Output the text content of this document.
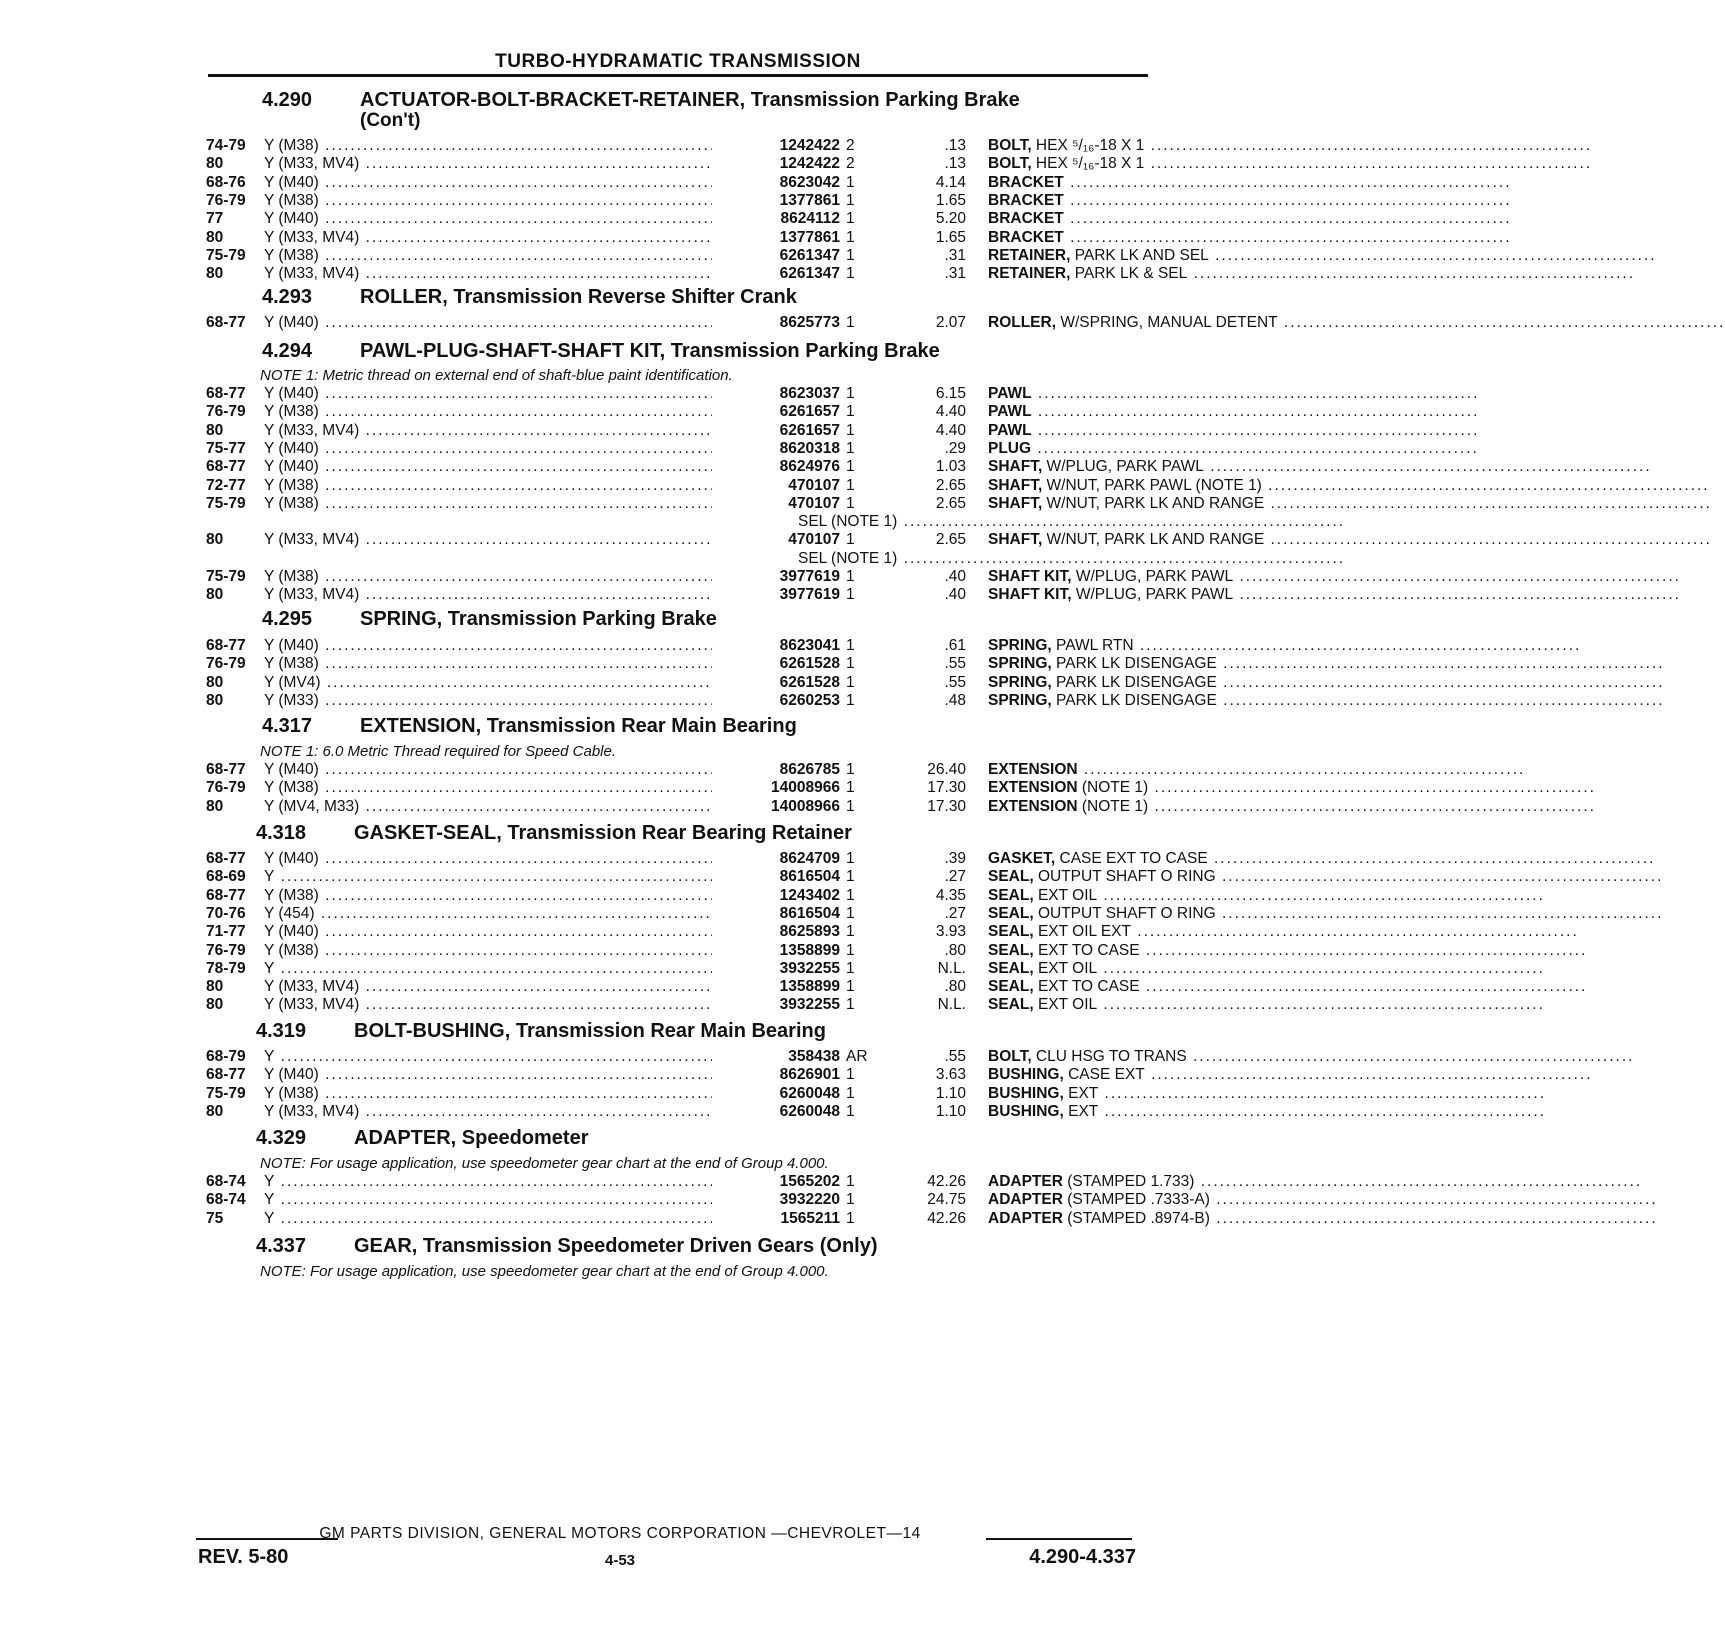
TURBO-HYDRAMATIC TRANSMISSION
4.290 ACTUATOR-BOLT-BRACKET-RETAINER, Transmission Parking Brake
(Con't)
74-79	Y (M38) .....	1242422 2	.13 BOLT, HEX ⁵/₁₆-18 X 1 .....
80	Y (M33, MV4) .....	1242422 2	.13 BOLT, HEX ⁵/₁₆-18 X 1 .....
68-76	Y (M40) .....	8623042 1	4.14 BRACKET .....
76-79	Y (M38) .....	1377861 1	1.65 BRACKET .....
77	Y (M40) .....	8624112 1	5.20 BRACKET .....
80	Y (M33, MV4) .....	1377861 1	1.65 BRACKET .....
75-79	Y (M38) .....	6261347 1	.31 RETAINER, PARK LK AND SEL .....
80	Y (M33, MV4) .....	6261347 1	.31 RETAINER, PARK LK & SEL .....
4.293 ROLLER, Transmission Reverse Shifter Crank
68-77	Y (M40) .....	8625773 1	2.07 ROLLER, W/SPRING, MANUAL DETENT .....
4.294 PAWL-PLUG-SHAFT-SHAFT KIT, Transmission Parking Brake
NOTE 1: Metric thread on external end of shaft-blue paint identification.
68-77	Y (M40) .....	8623037 1	6.15 PAWL .....
76-79	Y (M38) .....	6261657 1	4.40 PAWL .....
80	Y (M33, MV4) .....	6261657 1	4.40 PAWL .....
75-77	Y (M40) .....	8620318 1	.29 PLUG .....
68-77	Y (M40) .....	8624976 1	1.03 SHAFT, W/PLUG, PARK PAWL .....
72-77	Y (M38) .....	470107 1	2.65 SHAFT, W/NUT, PARK PAWL (NOTE 1) .....
75-79	Y (M38) .....	470107 1	2.65 SHAFT, W/NUT, PARK LK AND RANGE .....
SEL (NOTE 1) .....
80	Y (M33, MV4) .....	470107 1	2.65 SHAFT, W/NUT, PARK LK AND RANGE .....
SEL (NOTE 1) .....
75-79	Y (M38) .....	3977619 1	.40 SHAFT KIT, W/PLUG, PARK PAWL .....
80	Y (M33, MV4) .....	3977619 1	.40 SHAFT KIT, W/PLUG, PARK PAWL .....
4.295 SPRING, Transmission Parking Brake
68-77	Y (M40) .....	8623041 1	.61 SPRING, PAWL RTN .....
76-79	Y (M38) .....	6261528 1	.55 SPRING, PARK LK DISENGAGE .....
80	Y (MV4) .....	6261528 1	.55 SPRING, PARK LK DISENGAGE .....
80	Y (M33) .....	6260253 1	.48 SPRING, PARK LK DISENGAGE .....
4.317 EXTENSION, Transmission Rear Main Bearing
NOTE 1: 6.0 Metric Thread required for Speed Cable.
68-77	Y (M40) .....	8626785 1	26.40 EXTENSION .....
76-79	Y (M38) .....	14008966 1	17.30 EXTENSION (NOTE 1) .....
80	Y (MV4, M33) .....	14008966 1	17.30 EXTENSION (NOTE 1) .....
4.318 GASKET-SEAL, Transmission Rear Bearing Retainer
68-77	Y (M40) .....	8624709 1	.39 GASKET, CASE EXT TO CASE .....
68-69	Y .....	8616504 1	.27 SEAL, OUTPUT SHAFT O RING .....
68-77	Y (M38) .....	1243402 1	4.35 SEAL, EXT OIL .....
70-76	Y (454) .....	8616504 1	.27 SEAL, OUTPUT SHAFT O RING .....
71-77	Y (M40) .....	8625893 1	3.93 SEAL, EXT OIL EXT .....
76-79	Y (M38) .....	1358899 1	.80 SEAL, EXT TO CASE .....
78-79	Y .....	3932255 1	N.L. SEAL, EXT OIL .....
80	Y (M33, MV4) .....	1358899 1	.80 SEAL, EXT TO CASE .....
80	Y (M33, MV4) .....	3932255 1	N.L. SEAL, EXT OIL .....
4.319 BOLT-BUSHING, Transmission Rear Main Bearing
68-79	Y .....	358438 AR	.55 BOLT, CLU HSG TO TRANS .....
68-77	Y (M40) .....	8626901 1	3.63 BUSHING, CASE EXT .....
75-79	Y (M38) .....	6260048 1	1.10 BUSHING, EXT .....
80	Y (M33, MV4) .....	6260048 1	1.10 BUSHING, EXT .....
4.329 ADAPTER, Speedometer
NOTE: For usage application, use speedometer gear chart at the end of Group 4.000.
68-74	Y .....	1565202 1	42.26 ADAPTER (STAMPED 1.733) .....
68-74	Y .....	3932220 1	24.75 ADAPTER (STAMPED .7333-A) .....
75	Y .....	1565211 1	42.26 ADAPTER (STAMPED .8974-B) .....
4.337 GEAR, Transmission Speedometer Driven Gears (Only)
NOTE: For usage application, use speedometer gear chart at the end of Group 4.000.
GM PARTS DIVISION, GENERAL MOTORS CORPORATION —CHEVROLET—14
REV. 5-80	4-53	4.290-4.337
